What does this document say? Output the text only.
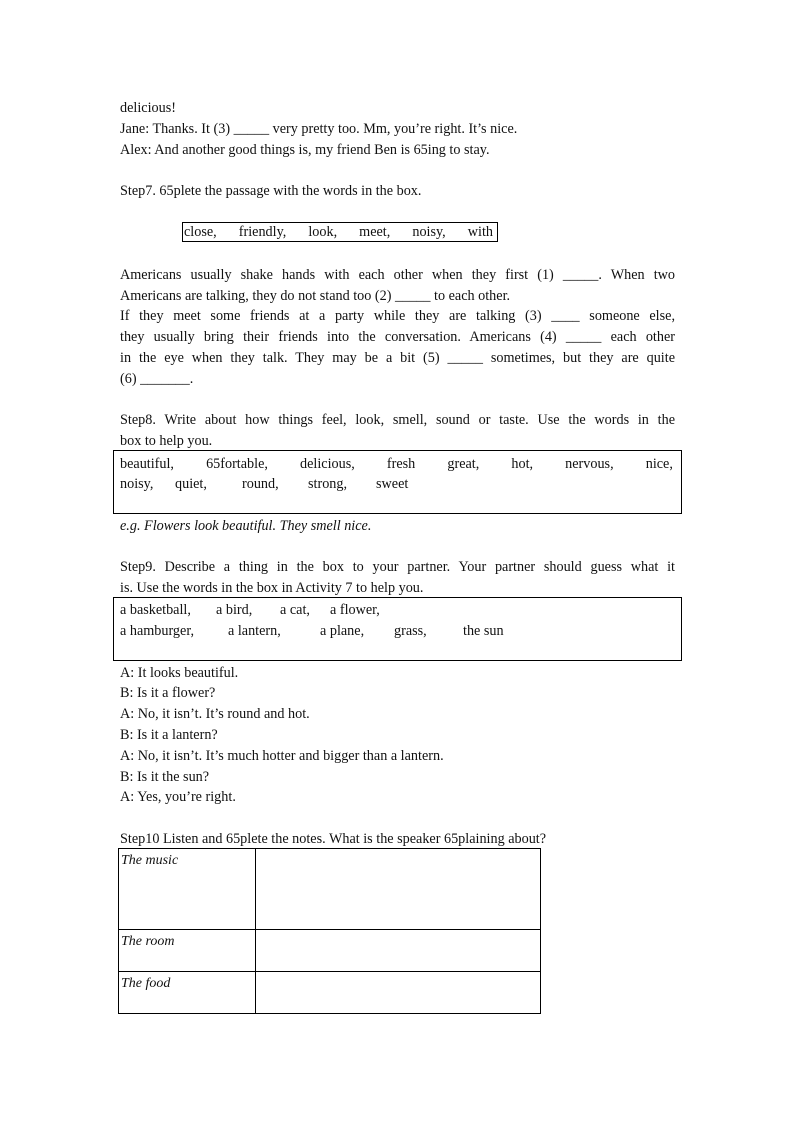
delicious!
Jane: Thanks. It (3) _____ very pretty too. Mm, you’re right. It’s nice.
Alex: And another good things is, my friend Ben is 65ing to stay.
Step7. 65plete the passage with the words in the box.
close, friendly, look, meet, noisy, with
Americans usually shake hands with each other when they first (1) _____. When two
Americans are talking, they do not stand too (2) _____ to each other.
If they meet some friends at a party while they are talking (3) ____ someone else,
they usually bring their friends into the conversation. Americans (4) _____ each other
in the eye when they talk. They may be a bit (5) _____ sometimes, but they are quite
(6) _______.
Step8. Write about how things feel, look, smell, sound or taste. Use the words in the
box to help you.
beautiful, 65fortable, delicious, fresh great, hot, nervous, nice,
noisy,	quiet,	round,	strong,	sweet
e.g. Flowers look beautiful. They smell nice.
Step9. Describe a thing in the box to your partner. Your partner should guess what it
is. Use the words in the box in Activity 7 to help you.
a basketball,	a bird,	a cat,	a flower,
a hamburger,	a lantern,	a plane,	grass,	the sun
A: It looks beautiful.
B: Is it a flower?
A: No, it isn’t. It’s round and hot.
B: Is it a lantern?
A: No, it isn’t. It’s much hotter and bigger than a lantern.
B: Is it the sun?
A: Yes, you’re right.
Step10 Listen and 65plete the notes. What is the speaker 65plaining about?
The music	
The room	
The food	
